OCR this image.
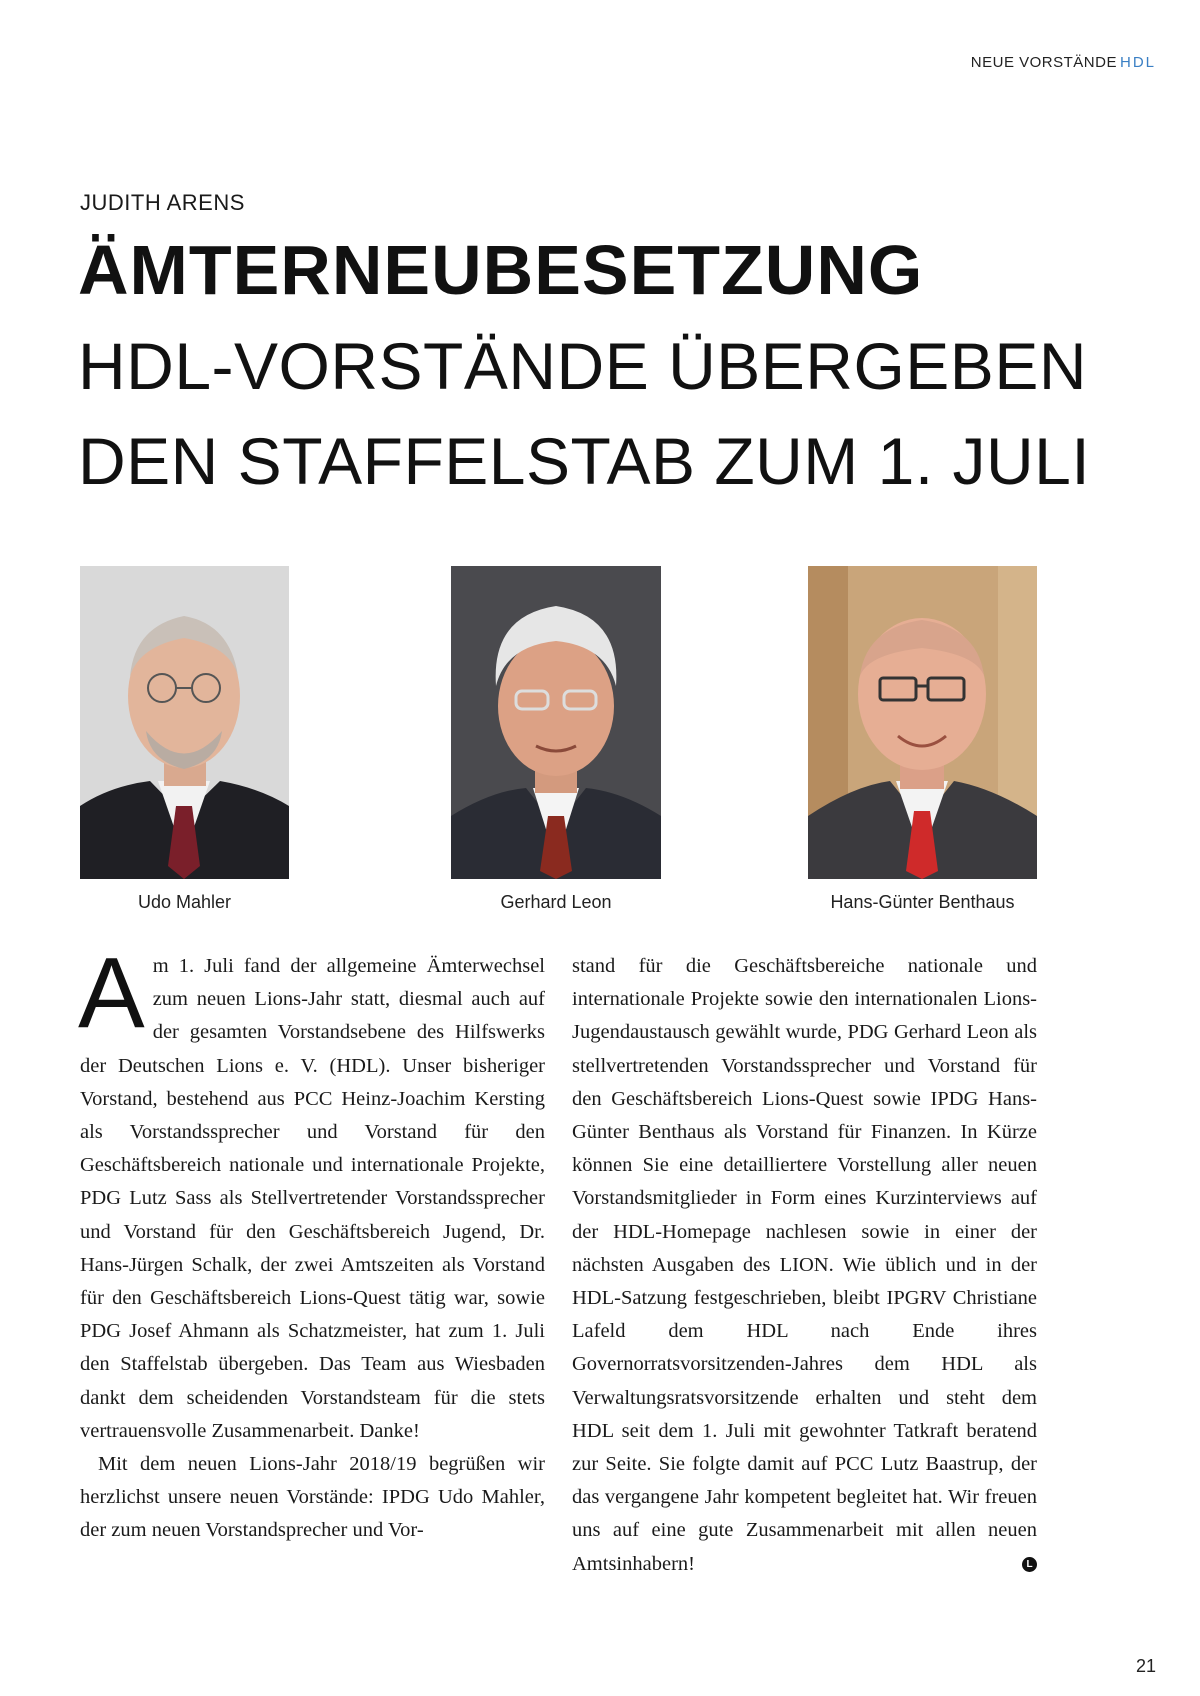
NEUE VORSTÄNDE HDL
JUDITH ARENS
ÄMTERNEUBESETZUNG
HDL-VORSTÄNDE ÜBERGEBEN
DEN STAFFELSTAB ZUM 1. JULI
Udo Mahler	Gerhard Leon	Hans-Günter Benthaus

Am 1. Juli fand der allgemeine Ämterwechsel zum neuen Lions-Jahr statt, diesmal auch auf der gesamten Vorstandsebene des Hilfswerks der Deutschen Lions e. V. (HDL). Unser bisheriger Vorstand, bestehend aus PCC Heinz-Joachim Kersting als Vorstandssprecher und Vorstand für den Geschäftsbereich nationale und internationale Projekte, PDG Lutz Sass als Stellvertretender Vorstandssprecher und Vorstand für den Geschäftsbereich Jugend, Dr. Hans-Jürgen Schalk, der zwei Amtszeiten als Vorstand für den Geschäftsbereich Lions-Quest tätig war, sowie PDG Josef Ahmann als Schatzmeister, hat zum 1. Juli den Staffelstab übergeben. Das Team aus Wiesbaden dankt dem scheidenden Vorstandsteam für die stets vertrauensvolle Zusammenarbeit. Danke!

Mit dem neuen Lions-Jahr 2018/19 begrüßen wir herzlichst unsere neuen Vorstände: IPDG Udo Mahler, der zum neuen Vorstandsprecher und Vor-

stand für die Geschäftsbereiche nationale und internationale Projekte sowie den internationalen Lions-Jugendaustausch gewählt wurde, PDG Gerhard Leon als stellvertretenden Vorstandssprecher und Vorstand für den Geschäftsbereich Lions-Quest sowie IPDG Hans-Günter Benthaus als Vorstand für Finanzen. In Kürze können Sie eine detailliertere Vorstellung aller neuen Vorstandsmitglieder in Form eines Kurzinterviews auf der HDL-Homepage nachlesen sowie in einer der nächsten Ausgaben des LION. Wie üblich und in der HDL-Satzung festgeschrieben, bleibt IPGRV Christiane Lafeld dem HDL nach Ende ihres Governorratsvorsitzenden-Jahres dem HDL als Verwaltungsratsvorsitzende erhalten und steht dem HDL seit dem 1. Juli mit gewohnter Tatkraft beratend zur Seite. Sie folgte damit auf PCC Lutz Baastrup, der das vergangene Jahr kompetent begleitet hat. Wir freuen uns auf eine gute Zusammenarbeit mit allen neuen Amtsinhabern!	L

21
